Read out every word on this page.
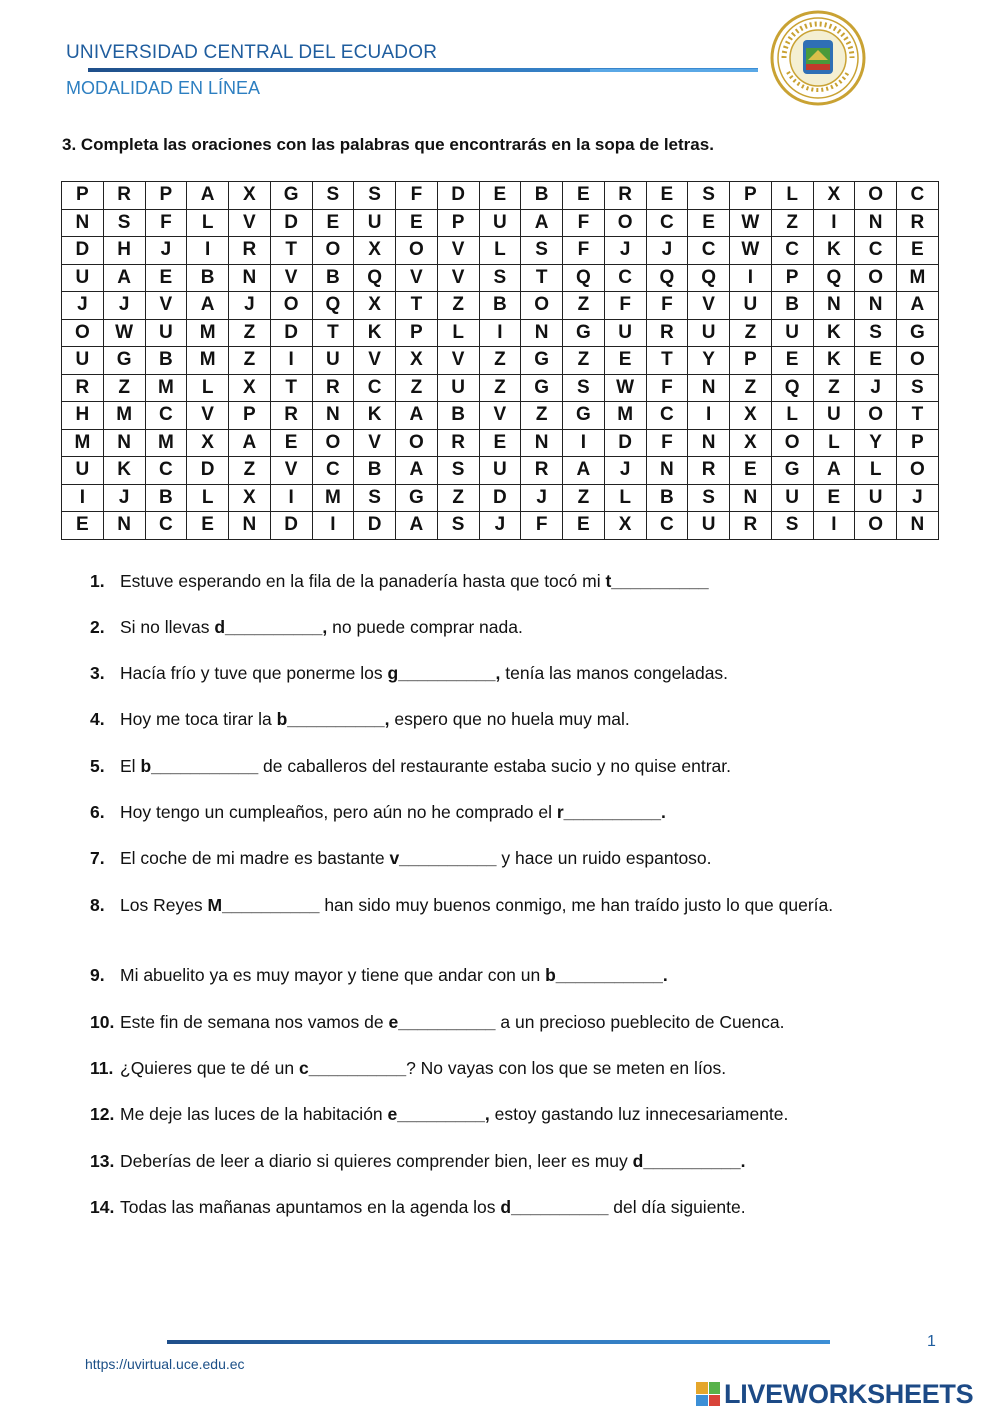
UNIVERSIDAD CENTRAL DEL ECUADOR
MODALIDAD EN LÍNEA
3. Completa las oraciones con las palabras que encontrarás en la sopa de letras.
P	R	P	A	X	G	S	S	F	D	E	B	E	R	E	S	P	L	X	O	C
N	S	F	L	V	D	E	U	E	P	U	A	F	O	C	E	W	Z	I	N	R
D	H	J	I	R	T	O	X	O	V	L	S	F	J	J	C	W	C	K	C	E
U	A	E	B	N	V	B	Q	V	V	S	T	Q	C	Q	Q	I	P	Q	O	M
J	J	V	A	J	O	Q	X	T	Z	B	O	Z	F	F	V	U	B	N	N	A
O	W	U	M	Z	D	T	K	P	L	I	N	G	U	R	U	Z	U	K	S	G
U	G	B	M	Z	I	U	V	X	V	Z	G	Z	E	T	Y	P	E	K	E	O
R	Z	M	L	X	T	R	C	Z	U	Z	G	S	W	F	N	Z	Q	Z	J	S
H	M	C	V	P	R	N	K	A	B	V	Z	G	M	C	I	X	L	U	O	T
M	N	M	X	A	E	O	V	O	R	E	N	I	D	F	N	X	O	L	Y	P
U	K	C	D	Z	V	C	B	A	S	U	R	A	J	N	R	E	G	A	L	O
I	J	B	L	X	I	M	S	G	Z	D	J	Z	L	B	S	N	U	E	U	J
E	N	C	E	N	D	I	D	A	S	J	F	E	X	C	U	R	S	I	O	N
1. Estuve esperando en la fila de la panadería hasta que tocó mi t__________
2. Si no llevas d__________, no puede comprar nada.
3. Hacía frío y tuve que ponerme los g__________, tenía las manos congeladas.
4. Hoy me toca tirar la b__________, espero que no huela muy mal.
5. El b___________ de caballeros del restaurante estaba sucio y no quise entrar.
6. Hoy tengo un cumpleaños, pero aún no he comprado el r__________.
7. El coche de mi madre es bastante v__________ y hace un ruido espantoso.
8. Los Reyes M__________ han sido muy buenos conmigo, me han traído justo lo que quería.
9. Mi abuelito ya es muy mayor y tiene que andar con un b___________.
10. Este fin de semana nos vamos de e__________ a un precioso pueblecito de Cuenca.
11. ¿Quieres que te dé un c__________? No vayas con los que se meten en líos.
12. Me deje las luces de la habitación e_________, estoy gastando luz innecesariamente.
13. Deberías de leer a diario si quieres comprender bien, leer es muy d__________.
14. Todas las mañanas apuntamos en la agenda los d__________ del día siguiente.
1
https://uvirtual.uce.edu.ec
LIVEWORKSHEETS
